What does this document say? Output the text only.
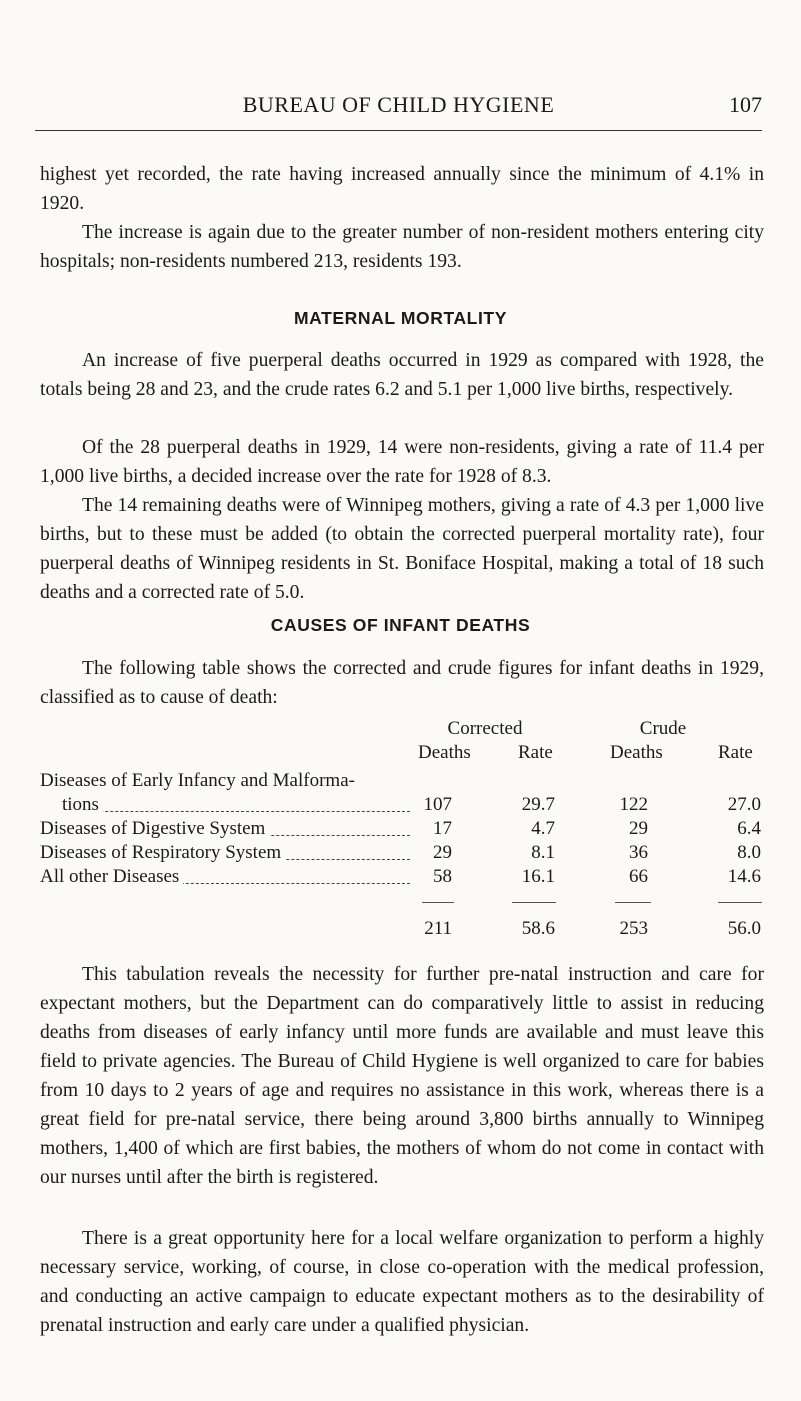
BUREAU OF CHILD HYGIENE	107

highest yet recorded, the rate having increased annually since the minimum of 4.1% in 1920.

The increase is again due to the greater number of non-resident mothers entering city hospitals; non-residents numbered 213, residents 193.

MATERNAL MORTALITY

An increase of five puerperal deaths occurred in 1929 as compared with 1928, the totals being 28 and 23, and the crude rates 6.2 and 5.1 per 1,000 live births, respectively.

Of the 28 puerperal deaths in 1929, 14 were non-residents, giving a rate of 11.4 per 1,000 live births, a decided increase over the rate for 1928 of 8.3.

The 14 remaining deaths were of Winnipeg mothers, giving a rate of 4.3 per 1,000 live births, but to these must be added (to obtain the corrected puerperal mortality rate), four puerperal deaths of Winnipeg residents in St. Boniface Hospital, making a total of 18 such deaths and a corrected rate of 5.0.

CAUSES OF INFANT DEATHS

The following table shows the corrected and crude figures for infant deaths in 1929, classified as to cause of death:

Corrected	Crude
Deaths Rate	Deaths	Rate
Diseases of Early Infancy and Malforma-
tions	107	29.7	122	27.0
Diseases of Digestive System	17	4.7	29	6.4
Diseases of Respiratory System	29	8.1	36	8.0
All other Diseases	58	16.1	66	14.6
211	58.6	253	56.0

This tabulation reveals the necessity for further pre-natal instruction and care for expectant mothers, but the Department can do comparatively little to assist in reducing deaths from diseases of early infancy until more funds are available and must leave this field to private agencies. The Bureau of Child Hygiene is well organized to care for babies from 10 days to 2 years of age and requires no assistance in this work, whereas there is a great field for pre-natal service, there being around 3,800 births annually to Winnipeg mothers, 1,400 of which are first babies, the mothers of whom do not come in contact with our nurses until after the birth is registered.

There is a great opportunity here for a local welfare organization to perform a highly necessary service, working, of course, in close co-operation with the medical profession, and conducting an active campaign to educate expectant mothers as to the desirability of prenatal instruction and early care under a qualified physician.
